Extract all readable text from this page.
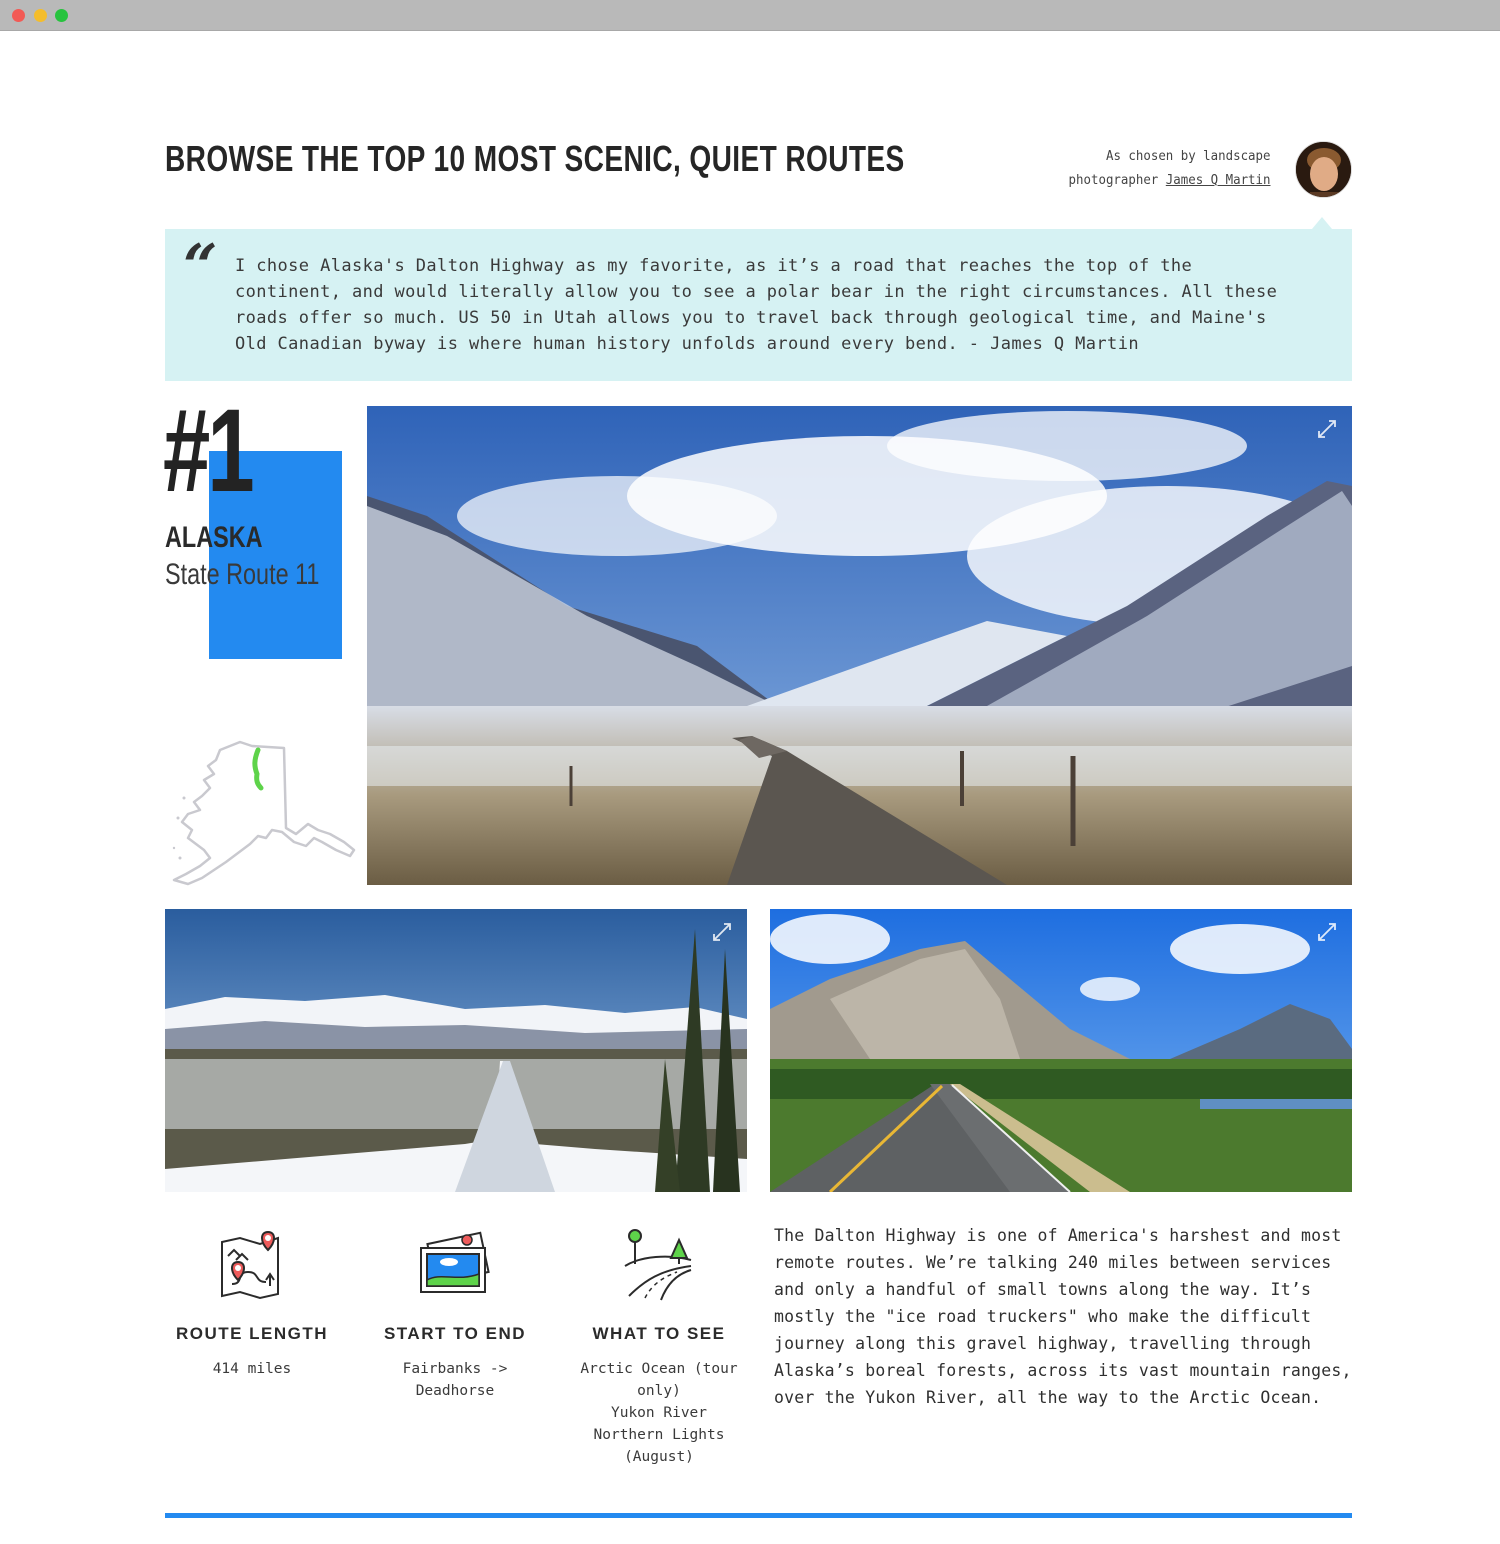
BROWSE THE TOP 10 MOST SCENIC, QUIET ROUTES	As chosen by landscape
photographer James Q Martin
“ I chose Alaska's Dalton Highway as my favorite, as it’s a road that reaches the top of the continent, and would literally allow you to see a polar bear in the right circumstances. All these roads offer so much. US 50 in Utah allows you to travel back through geological time, and Maine's Old Canadian byway is where human history unfolds around every bend. - James Q Martin

#1
ALASKA
State Route 11
ROUTE LENGTH
414 miles
START TO END
Fairbanks -> Deadhorse
WHAT TO SEE
Arctic Ocean (tour only)
Yukon River
Northern Lights (August)

The Dalton Highway is one of America's harshest and most remote routes. We’re talking 240 miles between services and only a handful of small towns along the way. It’s mostly the "ice road truckers" who make the difficult journey along this gravel highway, travelling through Alaska’s boreal forests, across its vast mountain ranges, over the Yukon River, all the way to the Arctic Ocean.
